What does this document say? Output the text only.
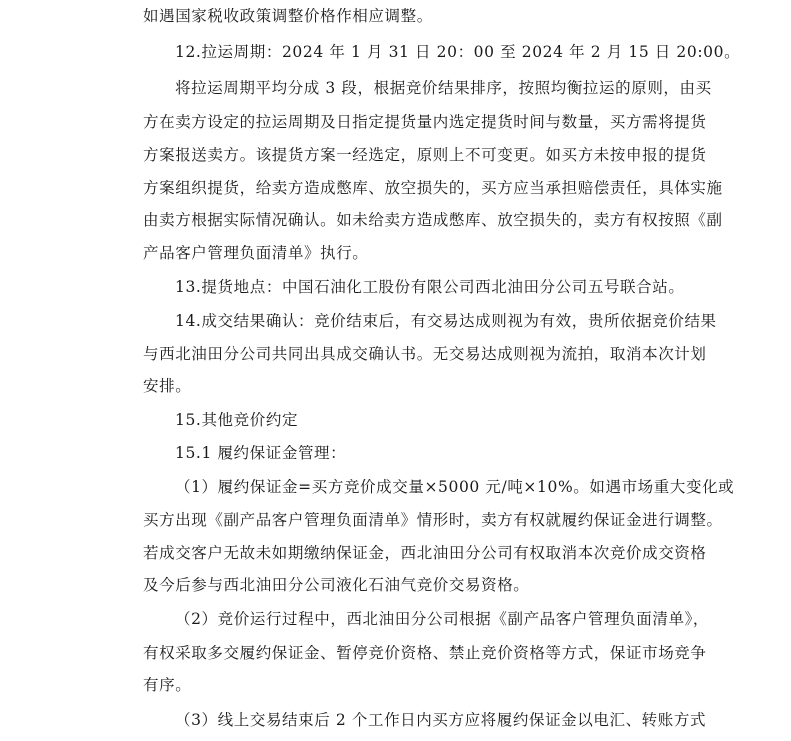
如遇国家税收政策调整价格作相应调整。
12.拉运周期：2024 年 1 月 31 日 20：00 至 2024 年 2 月 15 日 20:00。
将拉运周期平均分成 3 段，根据竞价结果排序，按照均衡拉运的原则，由买
方在卖方设定的拉运周期及日指定提货量内选定提货时间与数量，买方需将提货
方案报送卖方。该提货方案一经选定，原则上不可变更。如买方未按申报的提货
方案组织提货，给卖方造成憋库、放空损失的，买方应当承担赔偿责任，具体实施
由卖方根据实际情况确认。如未给卖方造成憋库、放空损失的，卖方有权按照《副
产品客户管理负面清单》执行。
13.提货地点：中国石油化工股份有限公司西北油田分公司五号联合站。
14.成交结果确认：竞价结束后，有交易达成则视为有效，贵所依据竞价结果
与西北油田分公司共同出具成交确认书。无交易达成则视为流拍，取消本次计划
安排。
15.其他竞价约定
15.1 履约保证金管理：
（1）履约保证金=买方竞价成交量×5000 元/吨×10%。如遇市场重大变化或
买方出现《副产品客户管理负面清单》情形时，卖方有权就履约保证金进行调整。
若成交客户无故未如期缴纳保证金，西北油田分公司有权取消本次竞价成交资格
及今后参与西北油田分公司液化石油气竞价交易资格。
（2）竞价运行过程中，西北油田分公司根据《副产品客户管理负面清单》，
有权采取多交履约保证金、暂停竞价资格、禁止竞价资格等方式，保证市场竞争
有序。
（3）线上交易结束后 2 个工作日内买方应将履约保证金以电汇、转账方式
